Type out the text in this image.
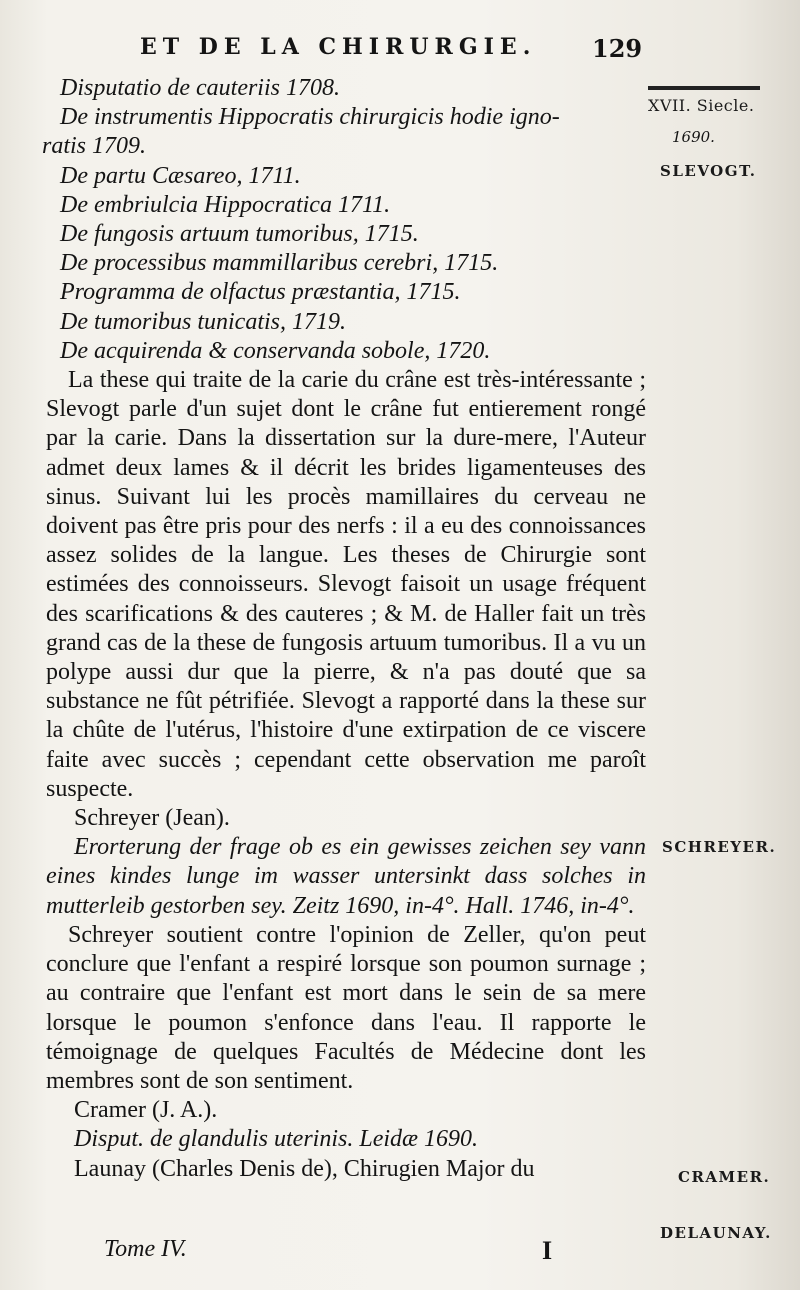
ET DE LA CHIRURGIE.	129
XVII. Siecle.
1690.
SLEVOGT.
SCHREYER.
CRAMER.
DELAUNAY.

Disputatio de cauteriis 1708.

De instrumentis Hippocratis chirurgicis hodie igno-

ratis 1709.

De partu Cæsareo, 1711.

De embriulcia Hippocratica 1711.

De fungosis artuum tumoribus, 1715.

De processibus mammillaribus cerebri, 1715.

Programma de olfactus præstantia, 1715.

De tumoribus tunicatis, 1719.

De acquirenda & conservanda sobole, 1720.

La these qui traite de la carie du crâne est très-intéressante ; Slevogt parle d'un sujet dont le crâne fut entierement rongé par la carie. Dans la dissertation sur la dure-mere, l'Auteur admet deux lames & il décrit les brides ligamenteuses des sinus. Suivant lui les procès mamillaires du cerveau ne doivent pas être pris pour des nerfs : il a eu des connoissances assez solides de la langue. Les theses de Chirurgie sont estimées des connoisseurs. Slevogt faisoit un usage fréquent des scarifications & des cauteres ; & M. de Haller fait un très grand cas de la these de fungosis artuum tumoribus. Il a vu un polype aussi dur que la pierre, & n'a pas douté que sa substance ne fût pétrifiée. Slevogt a rapporté dans la these sur la chûte de l'utérus, l'histoire d'une extirpation de ce viscere faite avec succès ; cependant cette observation me paroît suspecte.

Schreyer (Jean).

Erorterung der frage ob es ein gewisses zeichen sey vann eines kindes lunge im wasser untersinkt dass solches in mutterleib gestorben sey. Zeitz 1690, in-4°. Hall. 1746, in-4°.

Schreyer soutient contre l'opinion de Zeller, qu'on peut conclure que l'enfant a respiré lorsque son poumon surnage ; au contraire que l'enfant est mort dans le sein de sa mere lorsque le poumon s'enfonce dans l'eau. Il rapporte le témoignage de quelques Facultés de Médecine dont les membres sont de son sentiment.

Cramer (J. A.).

Disput. de glandulis uterinis. Leidæ 1690.

Launay (Charles Denis de), Chirugien Major du

Tome IV.	I
